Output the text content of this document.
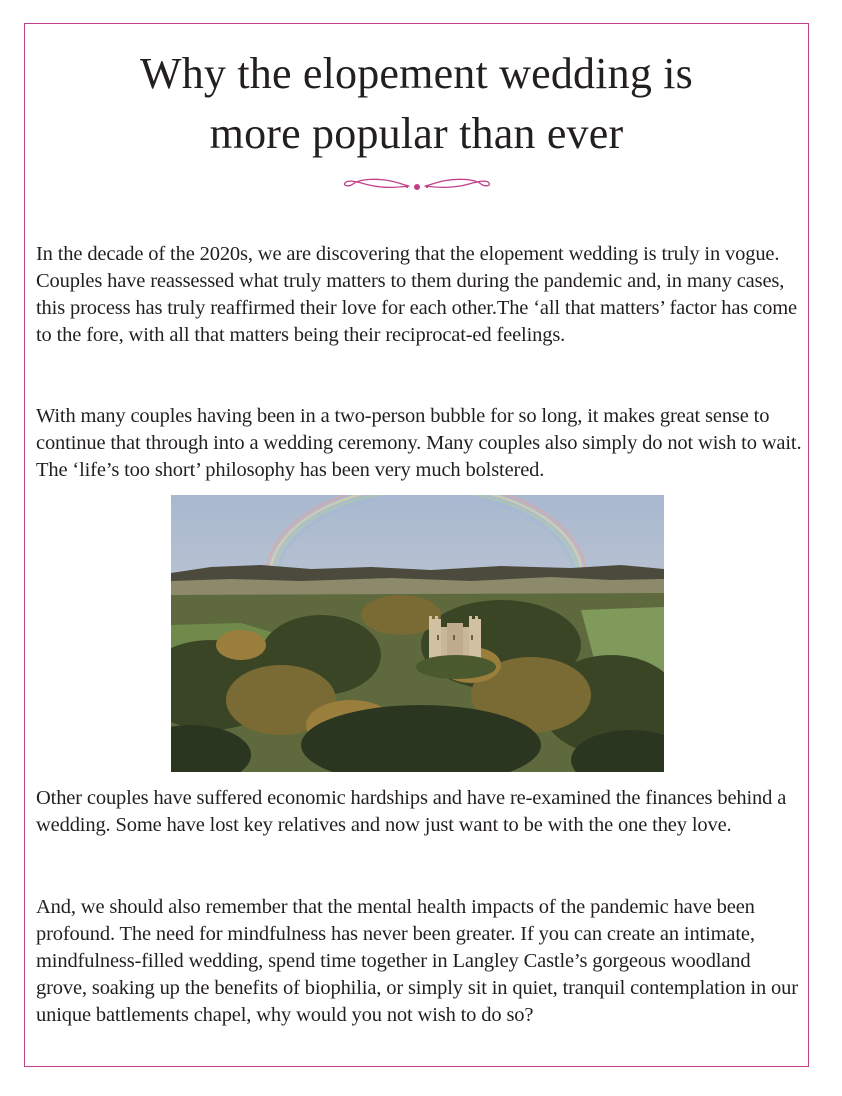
Why the elopement wedding is
more popular than ever

In the decade of the 2020s, we are discovering that the elopement wedding is truly in vogue. Couples have reassessed what truly matters to them during the pandemic and, in many cases, this process has truly reaffirmed their love for each other.The ‘all that matters’ factor has come to the fore, with all that matters being their reciprocat-ed feelings.

With many couples having been in a two-person bubble for so long, it makes great sense to continue that through into a wedding ceremony. Many couples also simply do not wish to wait. The ‘life’s too short’ philosophy has been very much bolstered.

Other couples have suffered economic hardships and have re-examined the finances behind a wedding. Some have lost key relatives and now just want to be with the one they love.

And, we should also remember that the mental health impacts of the pandemic have been profound. The need for mindfulness has never been greater. If you can create an intimate, mindfulness-filled wedding, spend time together in Langley Castle’s gorgeous woodland grove, soaking up the benefits of biophilia, or simply sit in quiet, tranquil contemplation in our unique battlements chapel, why would you not wish to do so?
